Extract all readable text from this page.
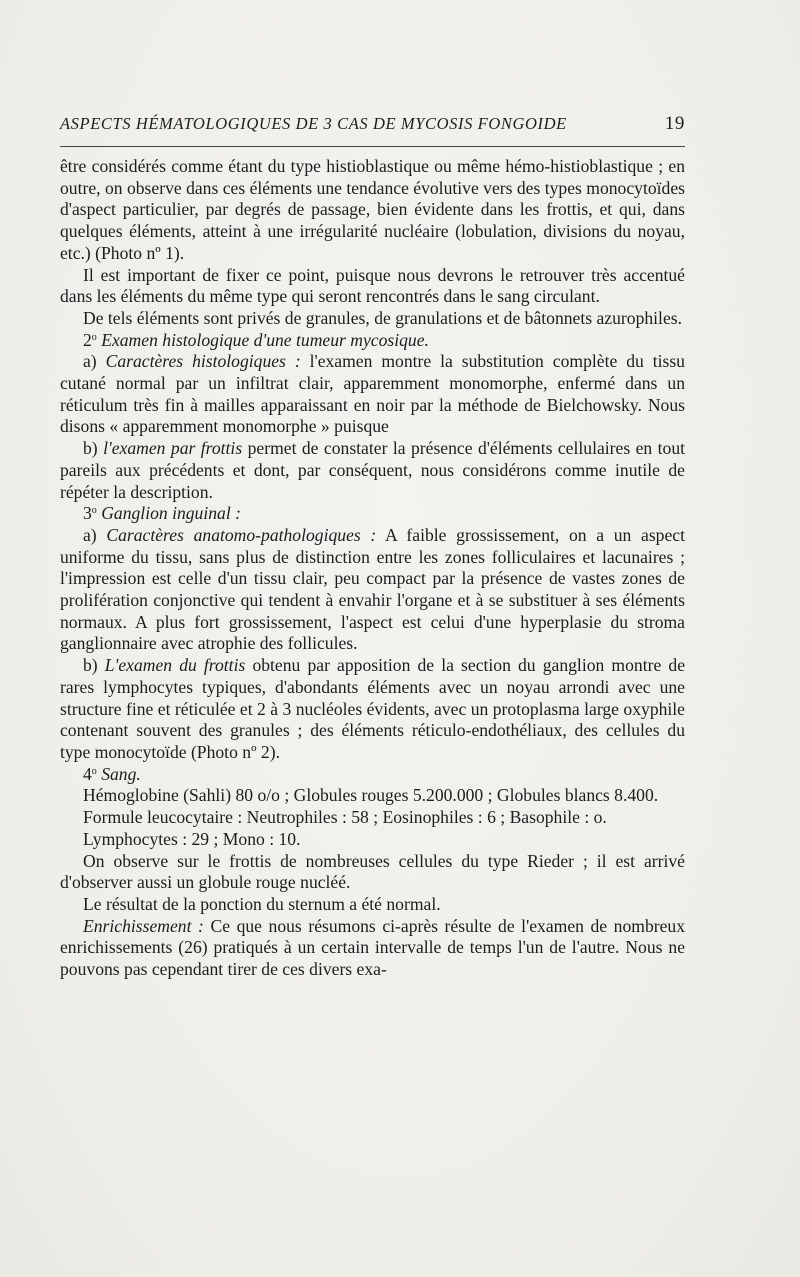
ASPECTS HÉMATOLOGIQUES DE 3 CAS DE MYCOSIS FONGOIDE	19

être considérés comme étant du type histioblastique ou même hémo-histioblastique ; en outre, on observe dans ces éléments une tendance évolutive vers des types monocytoïdes d'aspect particulier, par degrés de passage, bien évidente dans les frottis, et qui, dans quelques éléments, atteint à une irrégularité nucléaire (lobulation, divisions du noyau, etc.) (Photo nº 1).

Il est important de fixer ce point, puisque nous devrons le retrouver très accentué dans les éléments du même type qui seront rencontrés dans le sang circulant.

De tels éléments sont privés de granules, de granulations et de bâtonnets azurophiles.

2$^o$ Examen histologique d'une tumeur mycosique.

a) Caractères histologiques : l'examen montre la substitution complète du tissu cutané normal par un infiltrat clair, apparemment monomorphe, enfermé dans un réticulum très fin à mailles apparaissant en noir par la méthode de Bielchowsky. Nous disons « apparemment monomorphe » puisque

b) l'examen par frottis permet de constater la présence d'éléments cellulaires en tout pareils aux précédents et dont, par conséquent, nous considérons comme inutile de répéter la description.

3$^o$ Ganglion inguinal :

a) Caractères anatomo-pathologiques : A faible grossissement, on a un aspect uniforme du tissu, sans plus de distinction entre les zones folliculaires et lacunaires ; l'impression est celle d'un tissu clair, peu compact par la présence de vastes zones de prolifération conjonctive qui tendent à envahir l'organe et à se substituer à ses éléments normaux. A plus fort grossissement, l'aspect est celui d'une hyperplasie du stroma ganglionnaire avec atrophie des follicules.

b) L'examen du frottis obtenu par apposition de la section du ganglion montre de rares lymphocytes typiques, d'abondants éléments avec un noyau arrondi avec une structure fine et réticulée et 2 à 3 nucléoles évidents, avec un protoplasma large oxyphile contenant souvent des granules ; des éléments réticulo-endothéliaux, des cellules du type monocytoïde (Photo nº 2).

4$^o$ Sang.

Hémoglobine (Sahli) 80 o/o ; Globules rouges 5.200.000 ; Globules blancs 8.400.

Formule leucocytaire : Neutrophiles : 58 ; Eosinophiles : 6 ; Basophile : o.

Lymphocytes : 29 ; Mono : 10.

On observe sur le frottis de nombreuses cellules du type Rieder ; il est arrivé d'observer aussi un globule rouge nucléé.

Le résultat de la ponction du sternum a été normal.

Enrichissement : Ce que nous résumons ci-après résulte de l'examen de nombreux enrichissements (26) pratiqués à un certain intervalle de temps l'un de l'autre. Nous ne pouvons pas cependant tirer de ces divers exa-
